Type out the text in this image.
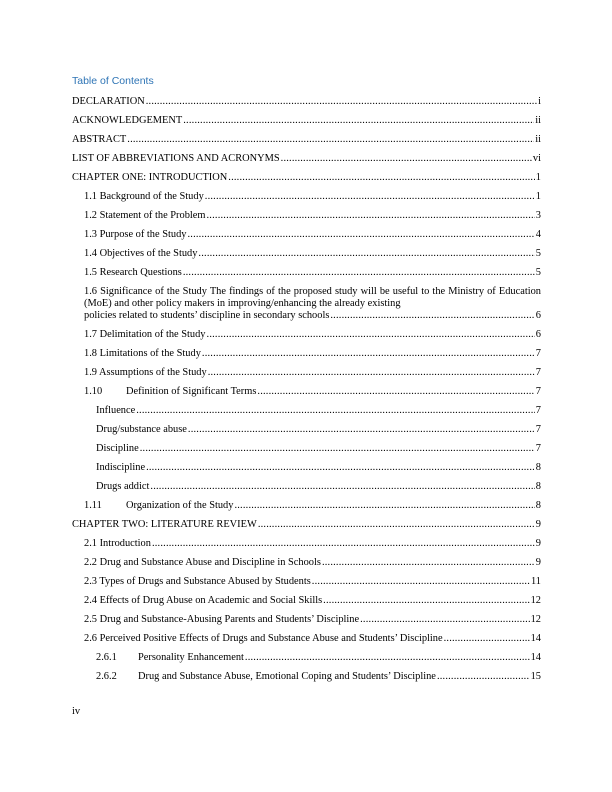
Table of Contents
DECLARATION .....	i
ACKNOWLEDGEMENT .....	ii
ABSTRACT .....	ii
LIST OF ABBREVIATIONS AND ACRONYMS .....	vi
CHAPTER ONE: INTRODUCTION .....	1
1.1 Background of the Study .....	1
1.2 Statement of the Problem .....	3
1.3 Purpose of the Study .....	4
1.4 Objectives of the Study .....	5
1.5 Research Questions .....	5
1.6 Significance of the Study The findings of the proposed study will be useful to the Ministry of Education (MoE) and other policy makers in improving/enhancing the already existing
policies related to students’ discipline in secondary schools .....	6
1.7 Delimitation of the Study .....	6
1.8 Limitations of the Study .....	7
1.9 Assumptions of the Study .....	7
1.10 Definition of Significant Terms .....	7
Influence .....	7
Drug/substance abuse .....	7
Discipline .....	7
Indiscipline .....	8
Drugs addict .....	8
1.11 Organization of the Study .....	8
CHAPTER TWO: LITERATURE REVIEW .....	9
2.1 Introduction .....	9
2.2 Drug and Substance Abuse and Discipline in Schools .....	9
2.3 Types of Drugs and Substance Abused by Students .....	11
2.4 Effects of Drug Abuse on Academic and Social Skills .....	12
2.5 Drug and Substance-Abusing Parents and Students’ Discipline .....	12
2.6 Perceived Positive Effects of Drugs and Substance Abuse and Students’ Discipline .....	14
2.6.1 Personality Enhancement .....	14
2.6.2 Drug and Substance Abuse, Emotional Coping and Students’ Discipline .....	15
iv
